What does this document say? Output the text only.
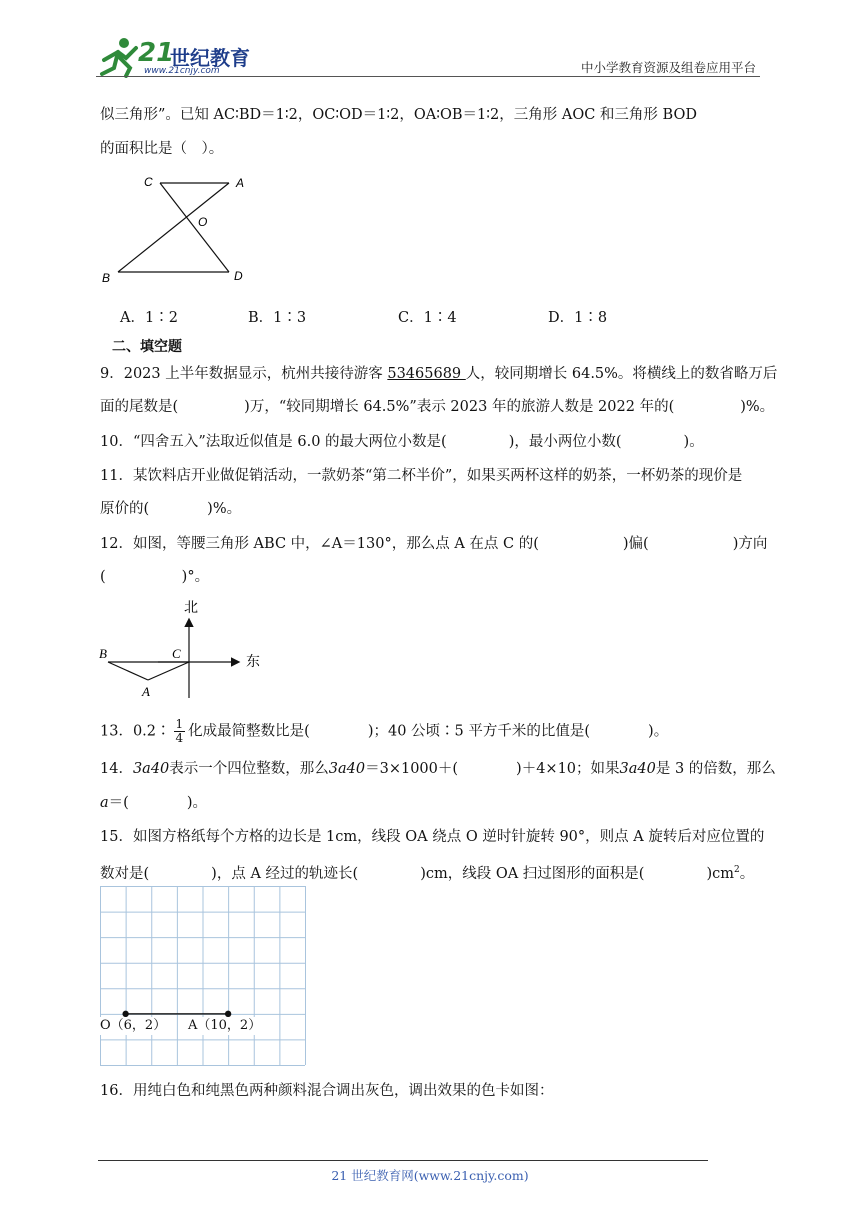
21
世纪教育
www.21cnjy.com	中小学教育资源及组卷应用平台
似三角形”。已知 AC∶BD＝1∶2，OC∶OD＝1∶2，OA∶OB＝1∶2，三角形 AOC 和三角形 BOD
的面积比是（　）。
C	A
O
B	D
A．1∶2	B．1∶3	C．1∶4	D．1∶8
二、填空题
9．2023 上半年数据显示，杭州共接待游客 53465689 人，较同期增长 64.5%。将横线上的数省略万后
面的尾数是(	)万，“较同期增长 64.5%”表示 2023 年的旅游人数是 2022 年的(	)%。
10．“四舍五入”法取近似值是 6.0 的最大两位小数是(	)，最小两位小数(	)。
11．某饮料店开业做促销活动，一款奶茶“第二杯半价”，如果买两杯这样的奶茶，一杯奶茶的现价是
原价的(	)%。
12．如图，等腰三角形 ABC 中，∠A＝130°，那么点 A 在点 C 的(	)偏(	)方向
(	)°。
北
东
B	C
A
13．0.2∶ $\frac{1}{4}$ 化成最简整数比是(	)；40 公顷∶5 平方千米的比值是(	)。
14．3a40表示一个四位整数，那么3a40＝3×1000＋(	)＋4×10；如果3a40是 3 的倍数，那么
a＝(	)。
15．如图方格纸每个方格的边长是 1cm，线段 OA 绕点 O 逆时针旋转 90°，则点 A 旋转后对应位置的
数对是(	)，点 A 经过的轨迹长(	)cm，线段 OA 扫过图形的面积是(	)$cm^2$。
O（6，2） A（10，2）
16．用纯白色和纯黑色两种颜料混合调出灰色，调出效果的色卡如图：
21 世纪教育网(www.21cnjy.com)
